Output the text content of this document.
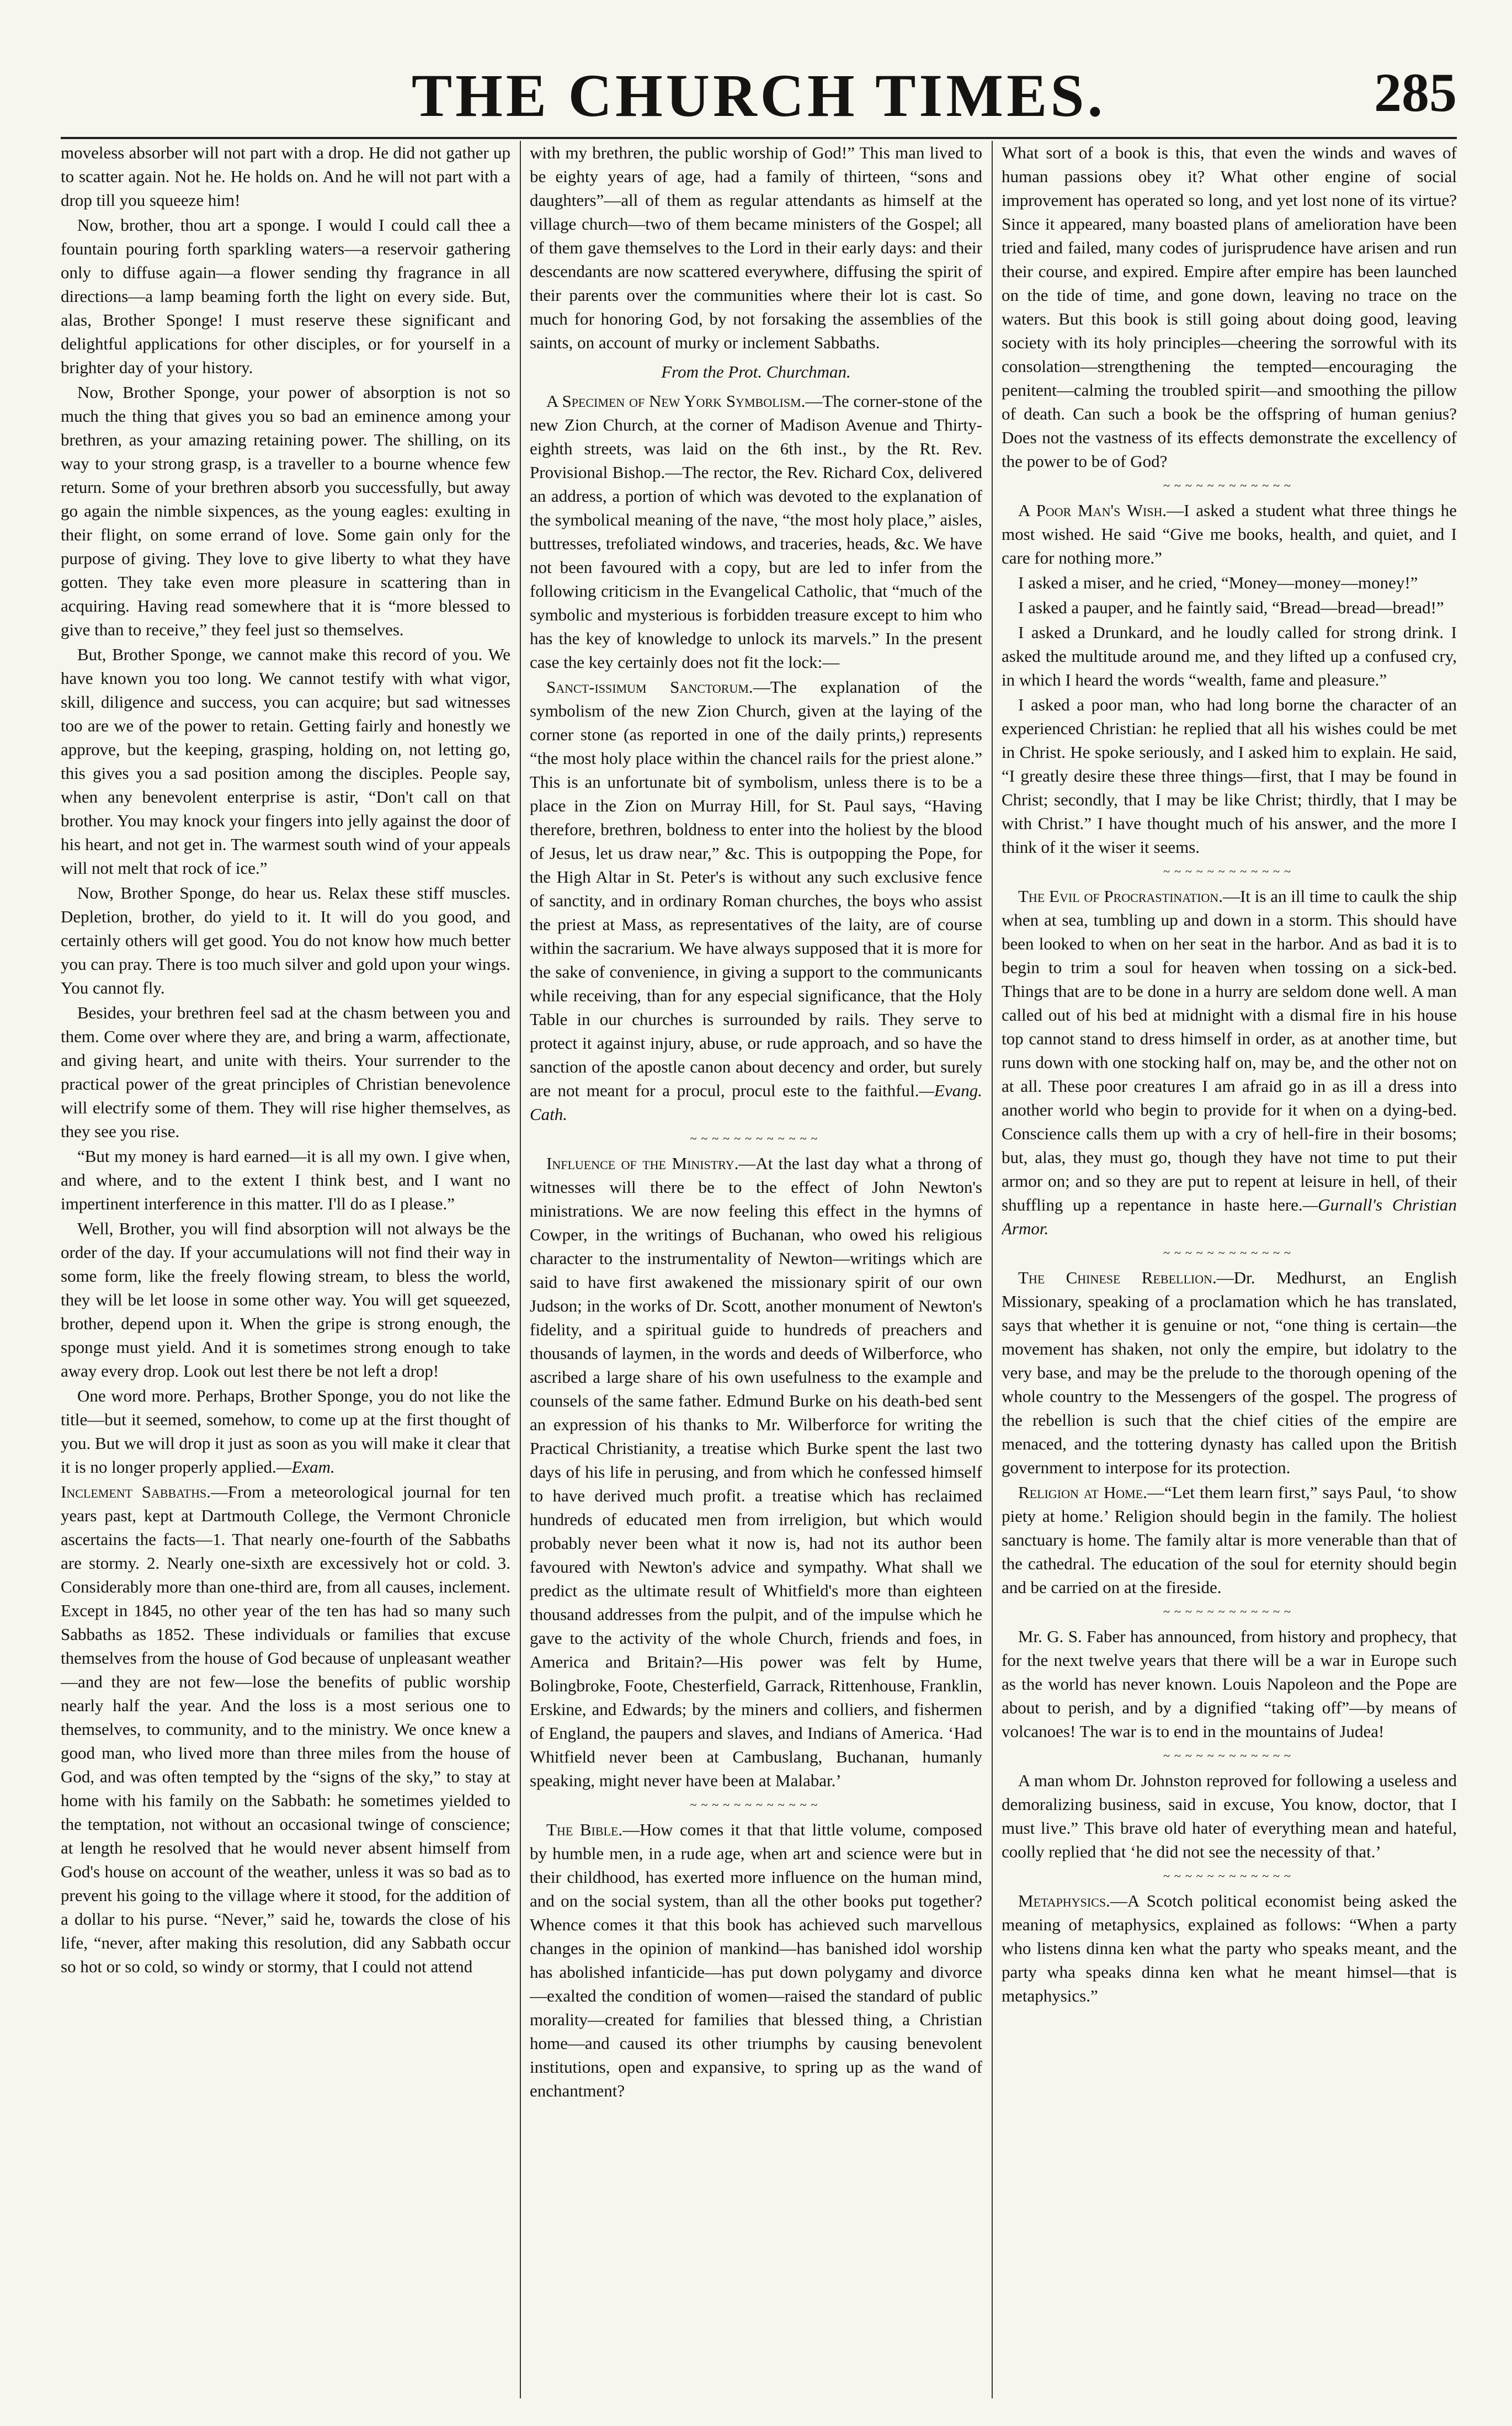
THE CHURCH TIMES.	285

moveless absorber will not part with a drop. He did not gather up to scatter again. Not he. He holds on. And he will not part with a drop till you squeeze him!

Now, brother, thou art a sponge. I would I could call thee a fountain pouring forth sparkling waters—a reservoir gathering only to diffuse again—a flower sending thy fragrance in all directions—a lamp beaming forth the light on every side. But, alas, Brother Sponge! I must reserve these significant and delightful applications for other disciples, or for yourself in a brighter day of your history.

Now, Brother Sponge, your power of absorption is not so much the thing that gives you so bad an eminence among your brethren, as your amazing retaining power. The shilling, on its way to your strong grasp, is a traveller to a bourne whence few return. Some of your brethren absorb you successfully, but away go again the nimble sixpences, as the young eagles: exulting in their flight, on some errand of love. Some gain only for the purpose of giving. They love to give liberty to what they have gotten. They take even more pleasure in scattering than in acquiring. Having read somewhere that it is “more blessed to give than to receive,” they feel just so themselves.

But, Brother Sponge, we cannot make this record of you. We have known you too long. We cannot testify with what vigor, skill, diligence and success, you can acquire; but sad witnesses too are we of the power to retain. Getting fairly and honestly we approve, but the keeping, grasping, holding on, not letting go, this gives you a sad position among the disciples. People say, when any benevolent enterprise is astir, “Don't call on that brother. You may knock your fingers into jelly against the door of his heart, and not get in. The warmest south wind of your appeals will not melt that rock of ice.”

Now, Brother Sponge, do hear us. Relax these stiff muscles. Depletion, brother, do yield to it. It will do you good, and certainly others will get good. You do not know how much better you can pray. There is too much silver and gold upon your wings. You cannot fly.

Besides, your brethren feel sad at the chasm between you and them. Come over where they are, and bring a warm, affectionate, and giving heart, and unite with theirs. Your surrender to the practical power of the great principles of Christian benevolence will electrify some of them. They will rise higher themselves, as they see you rise.

“But my money is hard earned—it is all my own. I give when, and where, and to the extent I think best, and I want no impertinent interference in this matter. I'll do as I please.”

Well, Brother, you will find absorption will not always be the order of the day. If your accumulations will not find their way in some form, like the freely flowing stream, to bless the world, they will be let loose in some other way. You will get squeezed, brother, depend upon it. When the gripe is strong enough, the sponge must yield. And it is sometimes strong enough to take away every drop. Look out lest there be not left a drop!

One word more. Perhaps, Brother Sponge, you do not like the title—but it seemed, somehow, to come up at the first thought of you. But we will drop it just as soon as you will make it clear that it is no longer properly applied.—Exam.

Inclement Sabbaths.—From a meteorological journal for ten years past, kept at Dartmouth College, the Vermont Chronicle ascertains the facts—1. That nearly one-fourth of the Sabbaths are stormy. 2. Nearly one-sixth are excessively hot or cold. 3. Considerably more than one-third are, from all causes, inclement. Except in 1845, no other year of the ten has had so many such Sabbaths as 1852. These individuals or families that excuse themselves from the house of God because of unpleasant weather—and they are not few—lose the benefits of public worship nearly half the year. And the loss is a most serious one to themselves, to community, and to the ministry. We once knew a good man, who lived more than three miles from the house of God, and was often tempted by the “signs of the sky,” to stay at home with his family on the Sabbath: he sometimes yielded to the temptation, not without an occasional twinge of conscience; at length he resolved that he would never absent himself from God's house on account of the weather, unless it was so bad as to prevent his going to the village where it stood, for the addition of a dollar to his purse. “Never,” said he, towards the close of his life, “never, after making this resolution, did any Sabbath occur so hot or so cold, so windy or stormy, that I could not attend

with my brethren, the public worship of God!” This man lived to be eighty years of age, had a family of thirteen, “sons and daughters”—all of them as regular attendants as himself at the village church—two of them became ministers of the Gospel; all of them gave themselves to the Lord in their early days: and their descendants are now scattered everywhere, diffusing the spirit of their parents over the communities where their lot is cast. So much for honoring God, by not forsaking the assemblies of the saints, on account of murky or inclement Sabbaths.

From the Prot. Churchman.

A Specimen of New York Symbolism.—The corner-stone of the new Zion Church, at the corner of Madison Avenue and Thirty-eighth streets, was laid on the 6th inst., by the Rt. Rev. Provisional Bishop.—The rector, the Rev. Richard Cox, delivered an address, a portion of which was devoted to the explanation of the symbolical meaning of the nave, “the most holy place,” aisles, buttresses, trefoliated windows, and traceries, heads, &c. We have not been favoured with a copy, but are led to infer from the following criticism in the Evangelical Catholic, that “much of the symbolic and mysterious is forbidden treasure except to him who has the key of knowledge to unlock its marvels.” In the present case the key certainly does not fit the lock:—

Sanct-issimum Sanctorum.—The explanation of the symbolism of the new Zion Church, given at the laying of the corner stone (as reported in one of the daily prints,) represents “the most holy place within the chancel rails for the priest alone.” This is an unfortunate bit of symbolism, unless there is to be a place in the Zion on Murray Hill, for St. Paul says, “Having therefore, brethren, boldness to enter into the holiest by the blood of Jesus, let us draw near,” &c. This is outpopping the Pope, for the High Altar in St. Peter's is without any such exclusive fence of sanctity, and in ordinary Roman churches, the boys who assist the priest at Mass, as representatives of the laity, are of course within the sacrarium. We have always supposed that it is more for the sake of convenience, in giving a support to the communicants while receiving, than for any especial significance, that the Holy Table in our churches is surrounded by rails. They serve to protect it against injury, abuse, or rude approach, and so have the sanction of the apostle canon about decency and order, but surely are not meant for a procul, procul este to the faithful.—Evang. Cath.

~~~~~~~~~~~~

Influence of the Ministry.—At the last day what a throng of witnesses will there be to the effect of John Newton's ministrations. We are now feeling this effect in the hymns of Cowper, in the writings of Buchanan, who owed his religious character to the instrumentality of Newton—writings which are said to have first awakened the missionary spirit of our own Judson; in the works of Dr. Scott, another monument of Newton's fidelity, and a spiritual guide to hundreds of preachers and thousands of laymen, in the words and deeds of Wilberforce, who ascribed a large share of his own usefulness to the example and counsels of the same father. Edmund Burke on his death-bed sent an expression of his thanks to Mr. Wilberforce for writing the Practical Christianity, a treatise which Burke spent the last two days of his life in perusing, and from which he confessed himself to have derived much profit. a treatise which has reclaimed hundreds of educated men from irreligion, but which would probably never been what it now is, had not its author been favoured with Newton's advice and sympathy. What shall we predict as the ultimate result of Whitfield's more than eighteen thousand addresses from the pulpit, and of the impulse which he gave to the activity of the whole Church, friends and foes, in America and Britain?—His power was felt by Hume, Bolingbroke, Foote, Chesterfield, Garrack, Rittenhouse, Franklin, Erskine, and Edwards; by the miners and colliers, and fishermen of England, the paupers and slaves, and Indians of America. ‘Had Whitfield never been at Cambuslang, Buchanan, humanly speaking, might never have been at Malabar.’

~~~~~~~~~~~~

The Bible.—How comes it that that little volume, composed by humble men, in a rude age, when art and science were but in their childhood, has exerted more influence on the human mind, and on the social system, than all the other books put together? Whence comes it that this book has achieved such marvellous changes in the opinion of mankind—has banished idol worship has abolished infanticide—has put down polygamy and divorce—exalted the condition of women—raised the standard of public morality—created for families that blessed thing, a Christian home—and caused its other triumphs by causing benevolent institutions, open and expansive, to spring up as the wand of enchantment?

What sort of a book is this, that even the winds and waves of human passions obey it? What other engine of social improvement has operated so long, and yet lost none of its virtue? Since it appeared, many boasted plans of amelioration have been tried and failed, many codes of jurisprudence have arisen and run their course, and expired. Empire after empire has been launched on the tide of time, and gone down, leaving no trace on the waters. But this book is still going about doing good, leaving society with its holy principles—cheering the sorrowful with its consolation—strengthening the tempted—encouraging the penitent—calming the troubled spirit—and smoothing the pillow of death. Can such a book be the offspring of human genius? Does not the vastness of its effects demonstrate the excellency of the power to be of God?

~~~~~~~~~~~~

A Poor Man's Wish.—I asked a student what three things he most wished. He said “Give me books, health, and quiet, and I care for nothing more.”

I asked a miser, and he cried, “Money—money—money!”

I asked a pauper, and he faintly said, “Bread—bread—bread!”

I asked a Drunkard, and he loudly called for strong drink. I asked the multitude around me, and they lifted up a confused cry, in which I heard the words “wealth, fame and pleasure.”

I asked a poor man, who had long borne the character of an experienced Christian: he replied that all his wishes could be met in Christ. He spoke seriously, and I asked him to explain. He said, “I greatly desire these three things—first, that I may be found in Christ; secondly, that I may be like Christ; thirdly, that I may be with Christ.” I have thought much of his answer, and the more I think of it the wiser it seems.

~~~~~~~~~~~~

The Evil of Procrastination.—It is an ill time to caulk the ship when at sea, tumbling up and down in a storm. This should have been looked to when on her seat in the harbor. And as bad it is to begin to trim a soul for heaven when tossing on a sick-bed. Things that are to be done in a hurry are seldom done well. A man called out of his bed at midnight with a dismal fire in his house top cannot stand to dress himself in order, as at another time, but runs down with one stocking half on, may be, and the other not on at all. These poor creatures I am afraid go in as ill a dress into another world who begin to provide for it when on a dying-bed. Conscience calls them up with a cry of hell-fire in their bosoms; but, alas, they must go, though they have not time to put their armor on; and so they are put to repent at leisure in hell, of their shuffling up a repentance in haste here.—Gurnall's Christian Armor.

~~~~~~~~~~~~

The Chinese Rebellion.—Dr. Medhurst, an English Missionary, speaking of a proclamation which he has translated, says that whether it is genuine or not, “one thing is certain—the movement has shaken, not only the empire, but idolatry to the very base, and may be the prelude to the thorough opening of the whole country to the Messengers of the gospel. The progress of the rebellion is such that the chief cities of the empire are menaced, and the tottering dynasty has called upon the British government to interpose for its protection.

Religion at Home.—“Let them learn first,” says Paul, ‘to show piety at home.’ Religion should begin in the family. The holiest sanctuary is home. The family altar is more venerable than that of the cathedral. The education of the soul for eternity should begin and be carried on at the fireside.

~~~~~~~~~~~~

Mr. G. S. Faber has announced, from history and prophecy, that for the next twelve years that there will be a war in Europe such as the world has never known. Louis Napoleon and the Pope are about to perish, and by a dignified “taking off”—by means of volcanoes! The war is to end in the mountains of Judea!

~~~~~~~~~~~~

A man whom Dr. Johnston reproved for following a useless and demoralizing business, said in excuse, You know, doctor, that I must live.” This brave old hater of everything mean and hateful, coolly replied that ‘he did not see the necessity of that.’

~~~~~~~~~~~~

Metaphysics.—A Scotch political economist being asked the meaning of metaphysics, explained as follows: “When a party who listens dinna ken what the party who speaks meant, and the party wha speaks dinna ken what he meant himsel—that is metaphysics.”
